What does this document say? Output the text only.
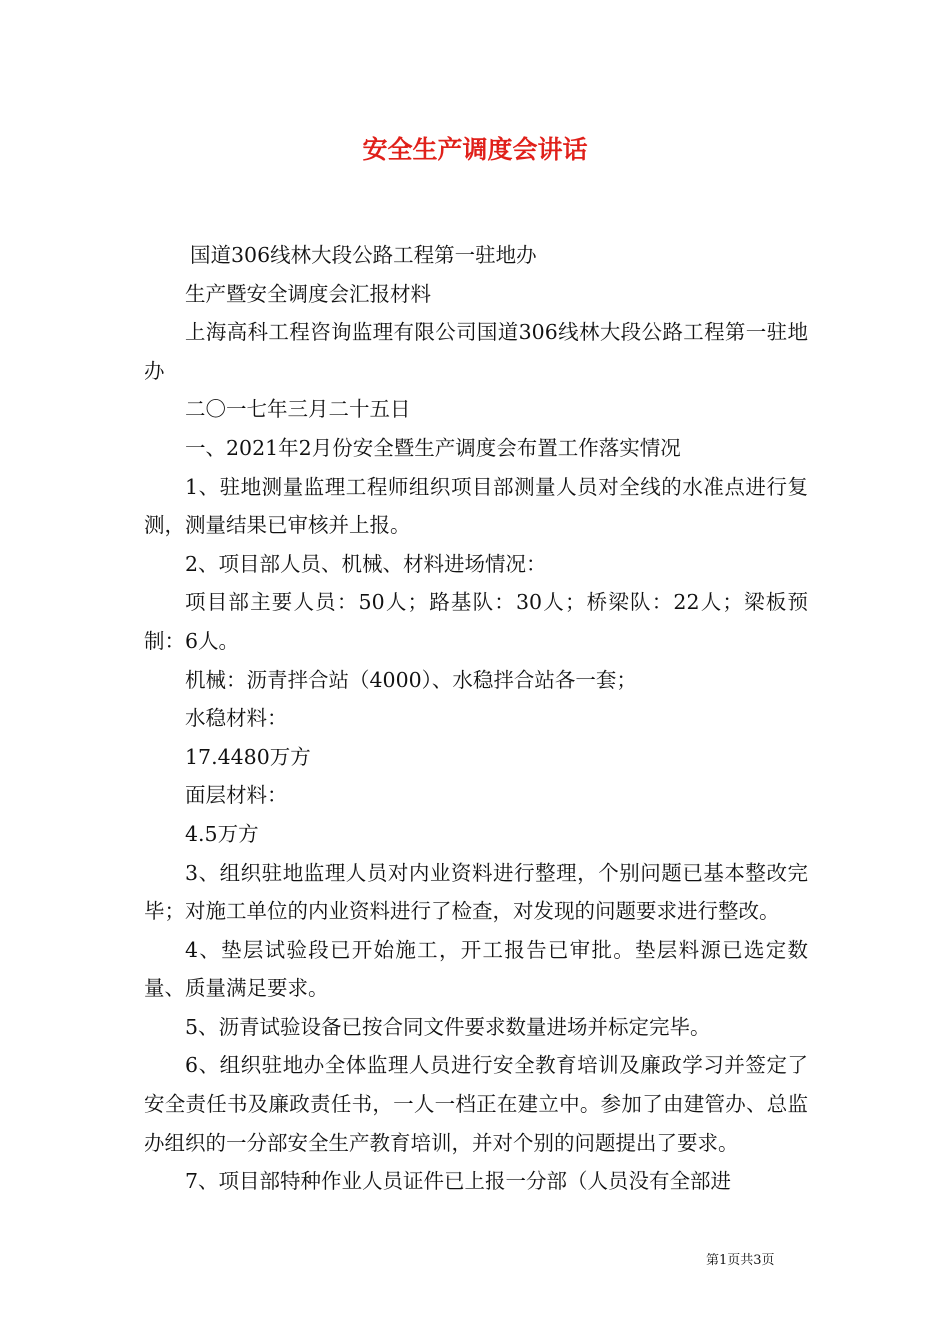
安全生产调度会讲话

国道306线林大段公路工程第一驻地办

生产暨安全调度会汇报材料

上海高科工程咨询监理有限公司国道306线林大段公路工程第一驻地办

二〇一七年三月二十五日

一、2021年2月份安全暨生产调度会布置工作落实情况

1、驻地测量监理工程师组织项目部测量人员对全线的水准点进行复测，测量结果已审核并上报。

2、项目部人员、机械、材料进场情况：

项目部主要人员：50人；路基队：30人；桥梁队：22人；梁板预制：6人。

机械：沥青拌合站（4000）、水稳拌合站各一套；

水稳材料：

17.4480万方

面层材料：

4.5万方

3、组织驻地监理人员对内业资料进行整理，个别问题已基本整改完毕；对施工单位的内业资料进行了检查，对发现的问题要求进行整改。

4、垫层试验段已开始施工，开工报告已审批。垫层料源已选定数量、质量满足要求。

5、沥青试验设备已按合同文件要求数量进场并标定完毕。

6、组织驻地办全体监理人员进行安全教育培训及廉政学习并签定了安全责任书及廉政责任书，一人一档正在建立中。参加了由建管办、总监办组织的一分部安全生产教育培训，并对个别的问题提出了要求。

7、项目部特种作业人员证件已上报一分部（人员没有全部进

第1页共3页
